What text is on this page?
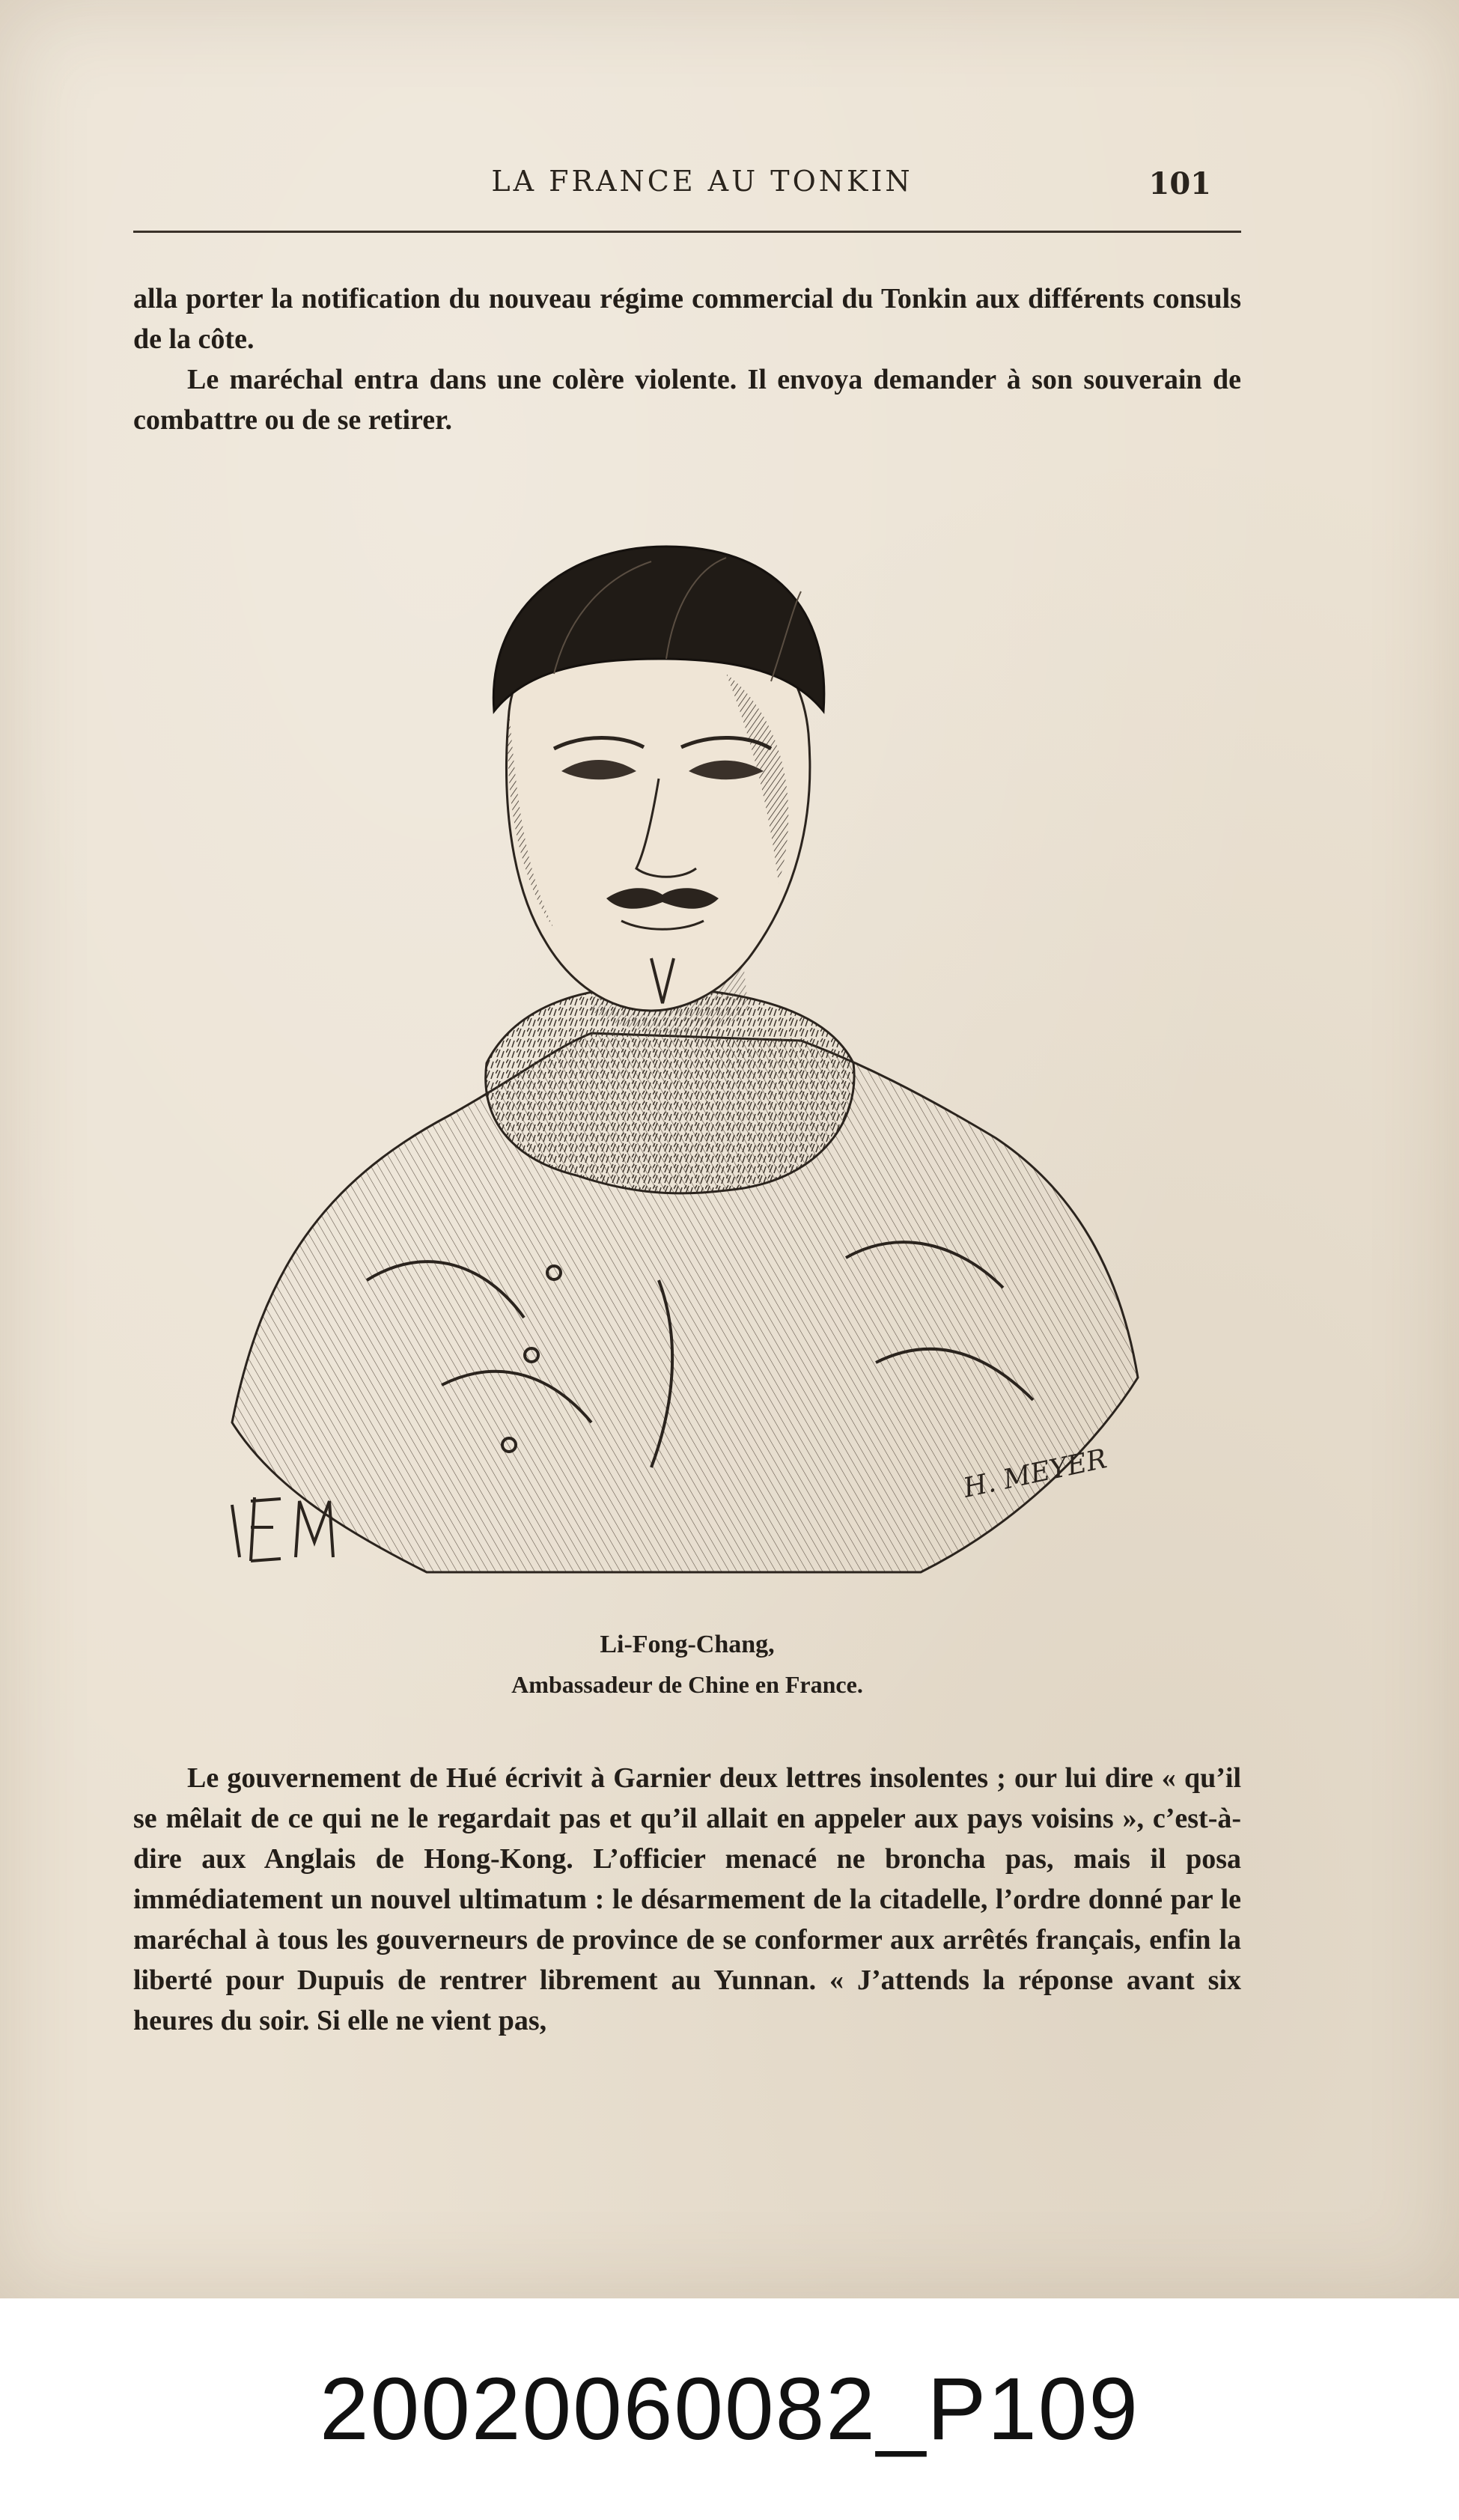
LA FRANCE AU TONKIN	101

alla porter la notification du nouveau régime commercial du Tonkin aux différents consuls de la côte.

Le maréchal entra dans une colère violente. Il envoya demander à son souverain de combattre ou de se retirer.

H. MEYER
Li-Fong-Chang,
Ambassadeur de Chine en France.

Le gouvernement de Hué écrivit à Garnier deux lettres insolentes ; our lui dire « qu’il se mêlait de ce qui ne le regardait pas et qu’il allait en appeler aux pays voisins », c’est-à-dire aux Anglais de Hong-Kong. L’officier menacé ne broncha pas, mais il posa immédiatement un nouvel ultimatum : le désarmement de la citadelle, l’ordre donné par le maréchal à tous les gouverneurs de province de se conformer aux arrêtés français, enfin la liberté pour Dupuis de rentrer librement au Yunnan. « J’attends la réponse avant six heures du soir. Si elle ne vient pas,

20020060082_P109
